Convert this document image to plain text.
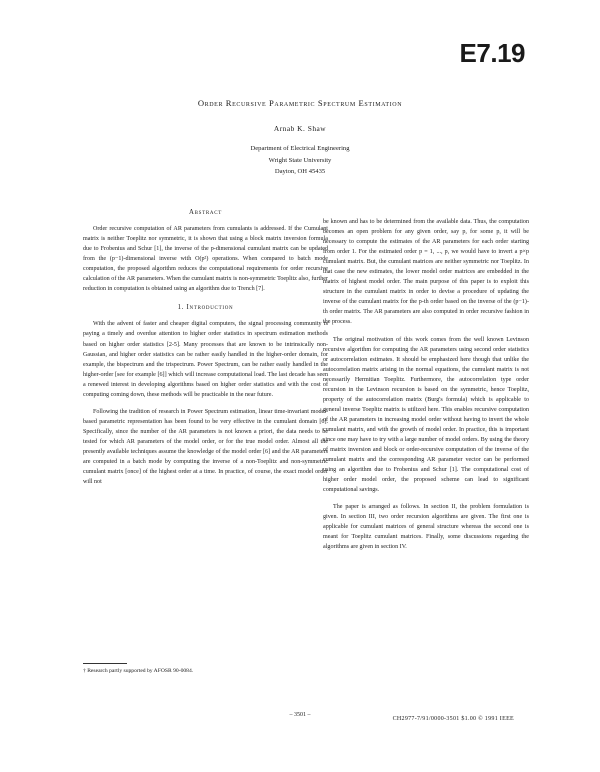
E7.19
Order Recursive Parametric Spectrum Estimation
Arnab K. Shaw
Department of Electrical Engineering
Wright State University
Dayton, OH 45435
Abstract

Order recursive computation of AR parameters from cumulants is addressed. If the Cumulant matrix is neither Toeplitz nor symmetric, it is shown that using a block matrix inversion formula due to Frobenius and Schur [1], the inverse of the p-dimensional cumulant matrix can be updated from the (p−1)-dimensional inverse with O(p²) operations. When compared to batch mode computation, the proposed algorithm reduces the computational requirements for order recursive calculation of the AR parameters. When the cumulant matrix is non-symmetric Toeplitz also, further reduction in computation is obtained using an algorithm due to Trench [7].

1. Introduction

With the advent of faster and cheaper digital computers, the signal processing community is paying a timely and overdue attention to higher order statistics in spectrum estimation methods based on higher order statistics [2-5]. Many processes that are known to be intrinsically non-Gaussian, and higher order statistics can be rather easily handled in the higher-order domain, for example, the bispectrum and the trispectrum. Power Spectrum, can be rather easily handled in the higher-order [see for example [6]] which will increase computational load. The last decade has seen a renewed interest in developing algorithms based on higher order statistics and with the cost of computing coming down, these methods will be practicable in the near future.

Following the tradition of research in Power Spectrum estimation, linear time-invariant model-based parametric representation has been found to be very effective in the cumulant domain [6]. Specifically, since the number of the AR parameters is not known a priori, the data needs to be tested for which AR parameters of the model order, or for the true model order. Almost all the presently available techniques assume the knowledge of the model order [6] and the AR parameters are computed in a batch mode by computing the inverse of a non-Toeplitz and non-symmetric cumulant matrix [once] of the highest order at a time. In practice, of course, the exact model order will not

be known and has to be determined from the available data. Thus, the computation becomes an open problem for any given order, say p, for some p, it will be necessary to compute the estimates of the AR parameters for each order starting from order 1. For the estimated order p = 1, ..., p, we would have to invert a p×p cumulant matrix. But, the cumulant matrices are neither symmetric nor Toeplitz. In that case the new estimates, the lower model order matrices are embedded in the matrix of highest model order. The main purpose of this paper is to exploit this structure in the cumulant matrix in order to devise a procedure of updating the inverse of the cumulant matrix for the p-th order based on the inverse of the (p−1)-th order matrix. The AR parameters are also computed in order recursive fashion in the process.

The original motivation of this work comes from the well known Levinson recursive algorithm for computing the AR parameters using second order statistics or autocorrelation estimates. It should be emphasized here though that unlike the autocorrelation matrix arising in the normal equations, the cumulant matrix is not necessarily Hermitian Toeplitz. Furthermore, the autocorrelation type order recursion in the Levinson recursion is based on the symmetric, hence Toeplitz, property of the autocorrelation matrix (Burg's formula) which is applicable to general inverse Toeplitz matrix is utilized here. This enables recursive computation of the AR parameters in increasing model order without having to invert the whole cumulant matrix, and with the growth of model order. In practice, this is important since one may have to try with a large number of model orders. By using the theory of matrix inversion and block or order-recursive computation of the inverse of the cumulant matrix and the corresponding AR parameter vector can be performed using an algorithm due to Frobenius and Schur [1]. The computational cost of higher order model order, the proposed scheme can lead to significant computational savings.

The paper is arranged as follows. In section II, the problem formulation is given. In section III, two order recursion algorithms are given. The first one is applicable for cumulant matrices of general structure whereas the second one is meant for Toeplitz cumulant matrices. Finally, some discussions regarding the algorithms are given in section IV.

† Research partly supported by AFOSR 90-0084.
– 3501 –
CH2977-7/91/0000-3501 $1.00 © 1991 IEEE
